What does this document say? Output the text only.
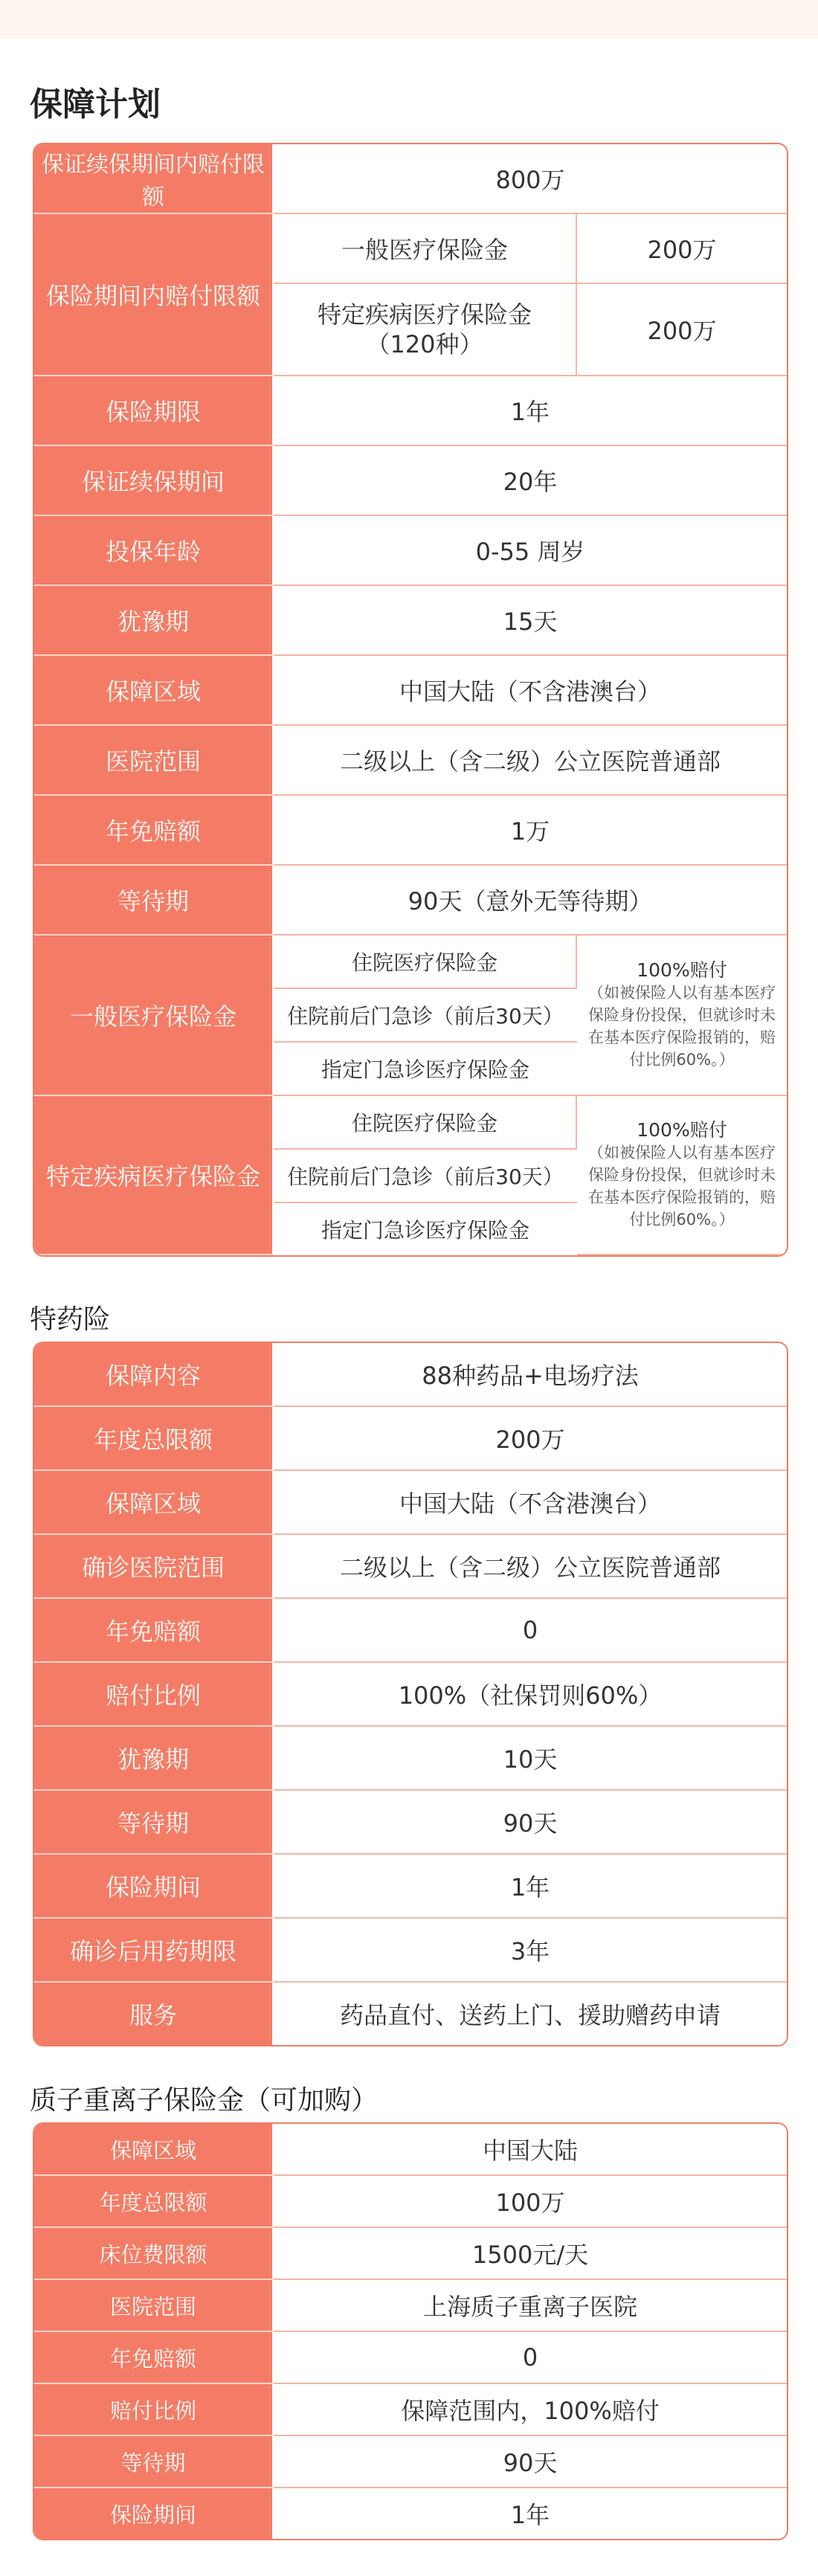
保障计划
保证续保期间内赔付限额	800万	
保险期间内赔付限额	一般医疗保险金	200万
	特定疾病医疗保险金（120种）	200万
保险期限	1年	
保证续保期间	20年	
投保年龄	0-55 周岁	
犹豫期	15天	
保障区域	中国大陆（不含港澳台）	
医院范围	二级以上（含二级）公立医院普通部	
年免赔额	1万	
等待期	90天（意外无等待期）	
一般医疗保险金	住院医疗保险金	100%赔付
（如被保险人以有基本医疗保险身份投保，但就诊时未在基本医疗保险报销的，赔付比例60%。）
	住院前后门急诊（前后30天）	
	指定门急诊医疗保险金	
特定疾病医疗保险金	住院医疗保险金	100%赔付
（如被保险人以有基本医疗保险身份投保，但就诊时未在基本医疗保险报销的，赔付比例60%。）
	住院前后门急诊（前后30天）	
	指定门急诊医疗保险金	
特药险
保障内容	88种药品+电场疗法
年度总限额	200万
保障区域	中国大陆（不含港澳台）
确诊医院范围	二级以上（含二级）公立医院普通部
年免赔额	0
赔付比例	100%（社保罚则60%）
犹豫期	10天
等待期	90天
保险期间	1年
确诊后用药期限	3年
服务	药品直付、送药上门、援助赠药申请
质子重离子保险金（可加购）
保障区域	中国大陆
年度总限额	100万
床位费限额	1500元/天
医院范围	上海质子重离子医院
年免赔额	0
赔付比例	保障范围内，100%赔付
等待期	90天
保险期间	1年
